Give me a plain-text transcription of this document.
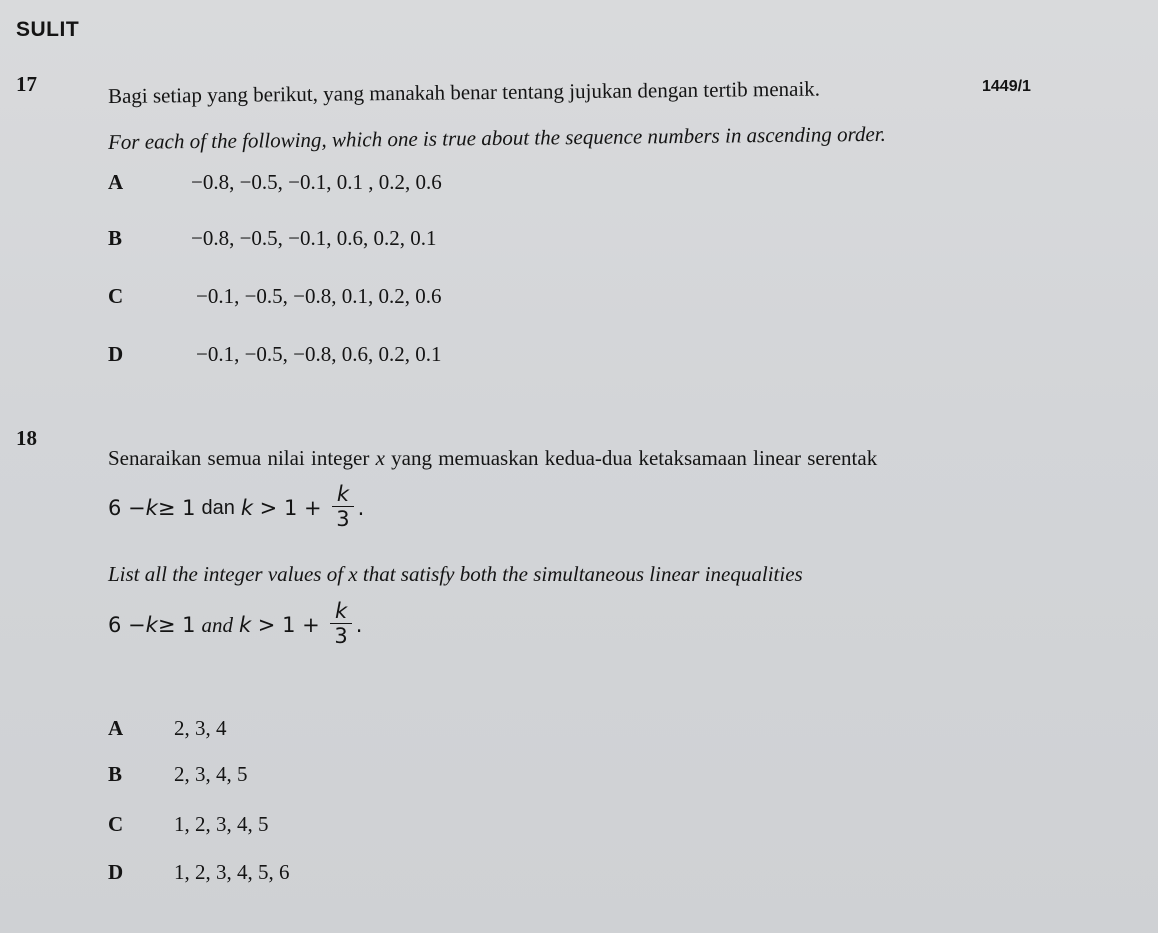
SULIT
1449/1
17	Bagi setiap yang berikut, yang manakah benar tentang jujukan dengan tertib menaik.
For each of the following, which one is true about the sequence numbers in ascending order.
A	−0.8, −0.5, −0.1, 0.1 , 0.2, 0.6
B	−0.8, −0.5, −0.1, 0.6, 0.2, 0.1
C	−0.1, −0.5, −0.8, 0.1, 0.2, 0.6
D	−0.1, −0.5, −0.8, 0.6, 0.2, 0.1
18
Senaraikan semua nilai integer x yang memuaskan kedua-dua ketaksamaan linear serentak
6 − k ≥ 1 dan $k > 1 + \frac{k}{3}$ .
List all the integer values of x that satisfy both the simultaneous linear inequalities
6 − k ≥ 1 and $k > 1 + \frac{k}{3}$ .
A 2, 3, 4
B 2, 3, 4, 5
C 1, 2, 3, 4, 5
D 1, 2, 3, 4, 5, 6
